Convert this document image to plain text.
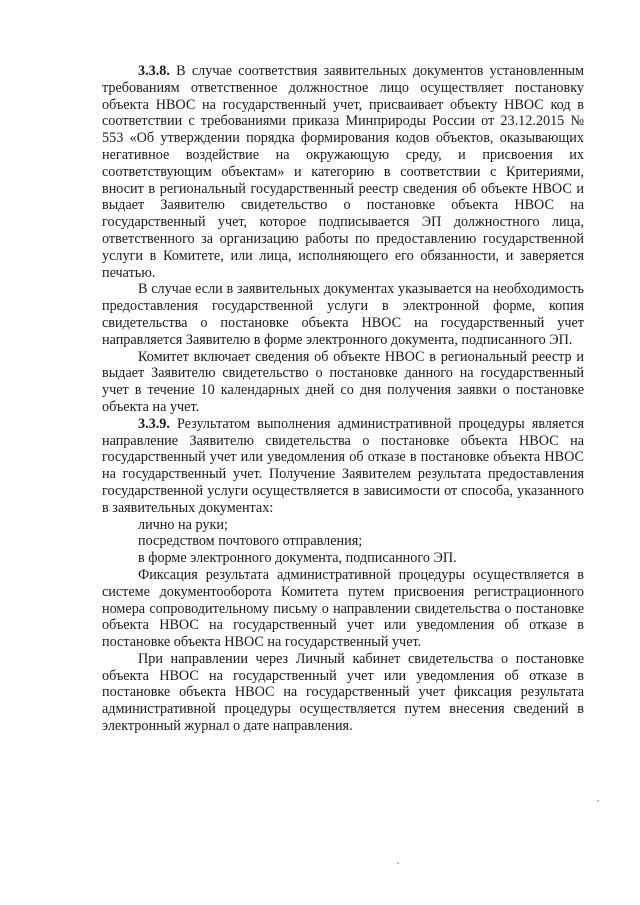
3.3.8. В случае соответствия заявительных документов установленным требованиям ответственное должностное лицо осуществляет постановку объекта НВОС на государственный учет, присваивает объекту НВОС код в соответствии с требованиями приказа Минприроды России от 23.12.2015 № 553 «Об утверждении порядка формирования кодов объектов, оказывающих негативное воздействие на окружающую среду, и присвоения их соответствующим объектам» и категорию в соответствии с Критериями, вносит в региональный государственный реестр сведения об объекте НВОС и выдает Заявителю свидетельство о постановке объекта НВОС на государственный учет, которое подписывается ЭП должностного лица, ответственного за организацию работы по предоставлению государственной услуги в Комитете, или лица, исполняющего его обязанности, и заверяется печатью.

В случае если в заявительных документах указывается на необходимость предоставления государственной услуги в электронной форме, копия свидетельства о постановке объекта НВОС на государственный учет направляется Заявителю в форме электронного документа, подписанного ЭП.

Комитет включает сведения об объекте НВОС в региональный реестр и выдает Заявителю свидетельство о постановке данного на государственный учет в течение 10 календарных дней со дня получения заявки о постановке объекта на учет.

3.3.9. Результатом выполнения административной процедуры является направление Заявителю свидетельства о постановке объекта НВОС на государственный учет или уведомления об отказе в постановке объекта НВОС на государственный учет. Получение Заявителем результата предоставления государственной услуги осуществляется в зависимости от способа, указанного в заявительных документах:

лично на руки;

посредством почтового отправления;

в форме электронного документа, подписанного ЭП.

Фиксация результата административной процедуры осуществляется в системе документооборота Комитета путем присвоения регистрационного номера сопроводительному письму о направлении свидетельства о постановке объекта НВОС на государственный учет или уведомления об отказе в постановке объекта НВОС на государственный учет.

При направлении через Личный кабинет свидетельства о постановке объекта НВОС на государственный учет или уведомления об отказе в постановке объекта НВОС на государственный учет фиксация результата административной процедуры осуществляется путем внесения сведений в электронный журнал о дате направления.
